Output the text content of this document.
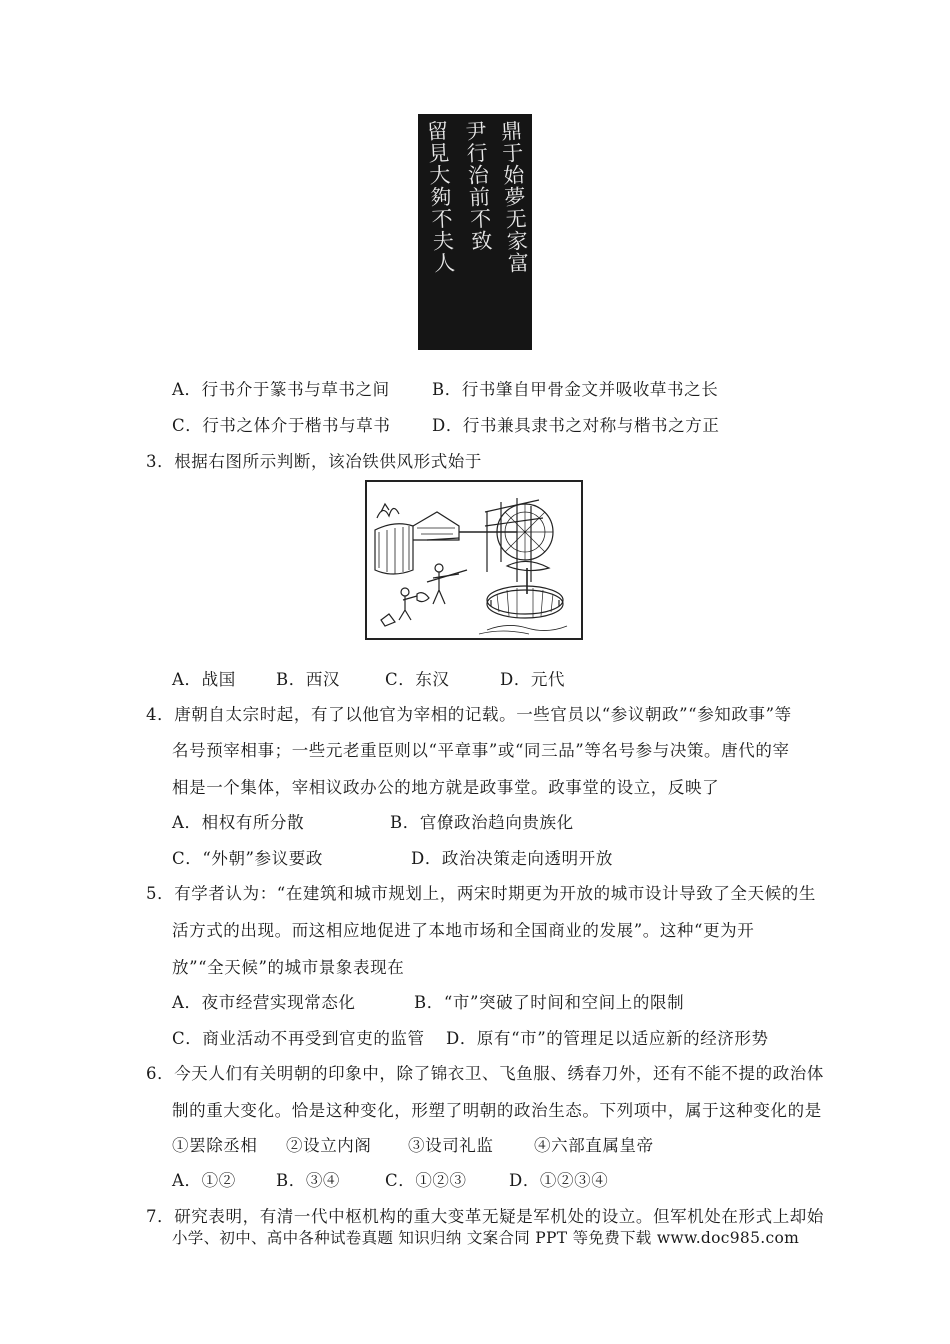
鼎于始夢无家富
尹行治前不致
留見大夠不夫人
A．行书介于篆书与草书之间	B．行书肇自甲骨金文并吸收草书之长
C．行书之体介于楷书与草书	D．行书兼具隶书之对称与楷书之方正
3．根据右图所示判断，该冶铁供风形式始于
A．战国 B．西汉	C．东汉	D．元代
4．唐朝自太宗时起，有了以他官为宰相的记载。一些官员以“参议朝政”“参知政事”等
名号预宰相事；一些元老重臣则以“平章事”或“同三品”等名号参与决策。唐代的宰
相是一个集体，宰相议政办公的地方就是政事堂。政事堂的设立，反映了
A．相权有所分散	B．官僚政治趋向贵族化
C．“外朝”参议要政	D．政治决策走向透明开放
5．有学者认为：“在建筑和城市规划上，两宋时期更为开放的城市设计导致了全天候的生
活方式的出现。而这相应地促进了本地市场和全国商业的发展”。这种“更为开
放”“全天候”的城市景象表现在
A．夜市经营实现常态化	B．“市”突破了时间和空间上的限制
C．商业活动不再受到官吏的监管 D．原有“市”的管理足以适应新的经济形势
6．今天人们有关明朝的印象中，除了锦衣卫、飞鱼服、绣春刀外，还有不能不提的政治体
制的重大变化。恰是这种变化，形塑了明朝的政治生态。下列项中，属于这种变化的是
①罢除丞相 ②设立内阁 ③设司礼监 ④六部直属皇帝
A．①② B．③④	C．①②③	D．①②③④
7．研究表明，有清一代中枢机构的重大变革无疑是军机处的设立。但军机处在形式上却始
小学、初中、高中各种试卷真题 知识归纳 文案合同 PPT 等免费下载 www.doc985.com
